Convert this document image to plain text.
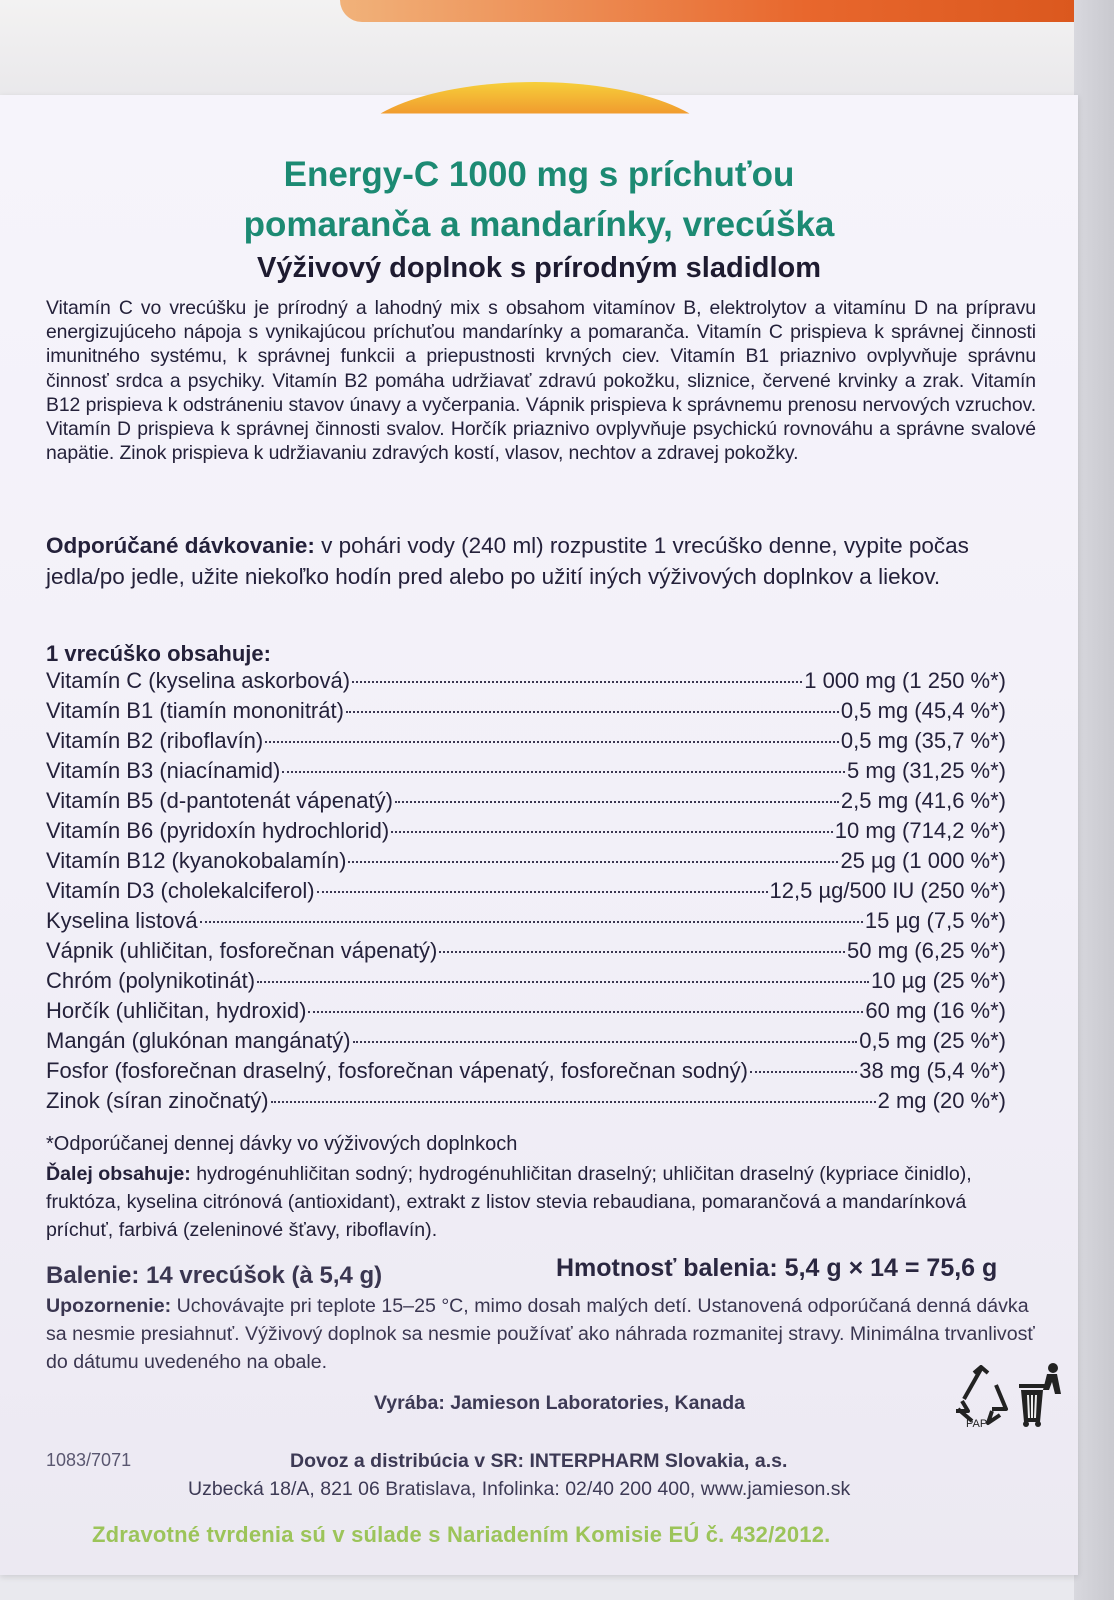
Energy-C 1000 mg s príchuťou
pomaranča a mandarínky, vrecúška
Výživový doplnok s prírodným sladidlom
Vitamín C vo vrecúšku je prírodný a lahodný mix s obsahom vitamínov B, elektrolytov a vitamínu D na prípravu energizujúceho nápoja s vynikajúcou príchuťou mandarínky a pomaranča. Vitamín C prispieva k správnej činnosti imunitného systému, k správnej funkcii a priepustnosti krvných ciev. Vitamín B1 priaznivo ovplyvňuje správnu činnosť srdca a psychiky. Vitamín B2 pomáha udržiavať zdravú pokožku, sliznice, červené krvinky a zrak. Vitamín B12 prispieva k odstráneniu stavov únavy a vyčerpania. Vápnik prispieva k správnemu prenosu nervových vzruchov. Vitamín D prispieva k správnej činnosti svalov. Horčík priaznivo ovplyvňuje psychickú rovnováhu a správne svalové napätie. Zinok prispieva k udržiavaniu zdravých kostí, vlasov, nechtov a zdravej pokožky.
Odporúčané dávkovanie: v pohári vody (240 ml) rozpustite 1 vrecúško denne, vypite počas jedla/po jedle, užite niekoľko hodín pred alebo po užití iných výživových doplnkov a liekov.
1 vrecúško obsahuje:
Vitamín C (kyselina askorbová)	1 000 mg (1 250 %*)
Vitamín B1 (tiamín mononitrát)	0,5 mg (45,4 %*)
Vitamín B2 (riboflavín)	0,5 mg (35,7 %*)
Vitamín B3 (niacínamid)	5 mg (31,25 %*)
Vitamín B5 (d-pantotenát vápenatý)	2,5 mg (41,6 %*)
Vitamín B6 (pyridoxín hydrochlorid)	10 mg (714,2 %*)
Vitamín B12 (kyanokobalamín)	25 µg (1 000 %*)
Vitamín D3 (cholekalciferol)	12,5 µg/500 IU (250 %*)
Kyselina listová	15 µg (7,5 %*)
Vápnik (uhličitan, fosforečnan vápenatý)	50 mg (6,25 %*)
Chróm (polynikotinát)	10 µg (25 %*)
Horčík (uhličitan, hydroxid)	60 mg (16 %*)
Mangán (glukónan mangánatý)	0,5 mg (25 %*)
Fosfor (fosforečnan draselný, fosforečnan vápenatý, fosforečnan sodný)	38 mg (5,4 %*)
Zinok (síran zinočnatý)	2 mg (20 %*)
*Odporúčanej dennej dávky vo výživových doplnkoch
Ďalej obsahuje: hydrogénuhličitan sodný; hydrogénuhličitan draselný; uhličitan draselný (kypriace činidlo), fruktóza, kyselina citrónová (antioxidant), extrakt z listov stevia rebaudiana, pomarančová a mandarínková príchuť, farbivá (zeleninové šťavy, riboflavín).
Balenie: 14 vrecúšok (à 5,4 g)	Hmotnosť balenia: 5,4 g × 14 = 75,6 g
Upozornenie: Uchovávajte pri teplote 15–25 °C, mimo dosah malých detí. Ustanovená odporúčaná denná dávka sa nesmie presiahnuť. Výživový doplnok sa nesmie používať ako náhrada rozmanitej stravy. Minimálna trvanlivosť do dátumu uvedeného na obale.
Vyrába: Jamieson Laboratories, Kanada
1083/7071	Dovoz a distribúcia v SR: INTERPHARM Slovakia, a.s.
Uzbecká 18/A, 821 06 Bratislava, Infolinka: 02/40 200 400, www.jamieson.sk
Zdravotné tvrdenia sú v súlade s Nariadením Komisie EÚ č. 432/2012.
PAP
